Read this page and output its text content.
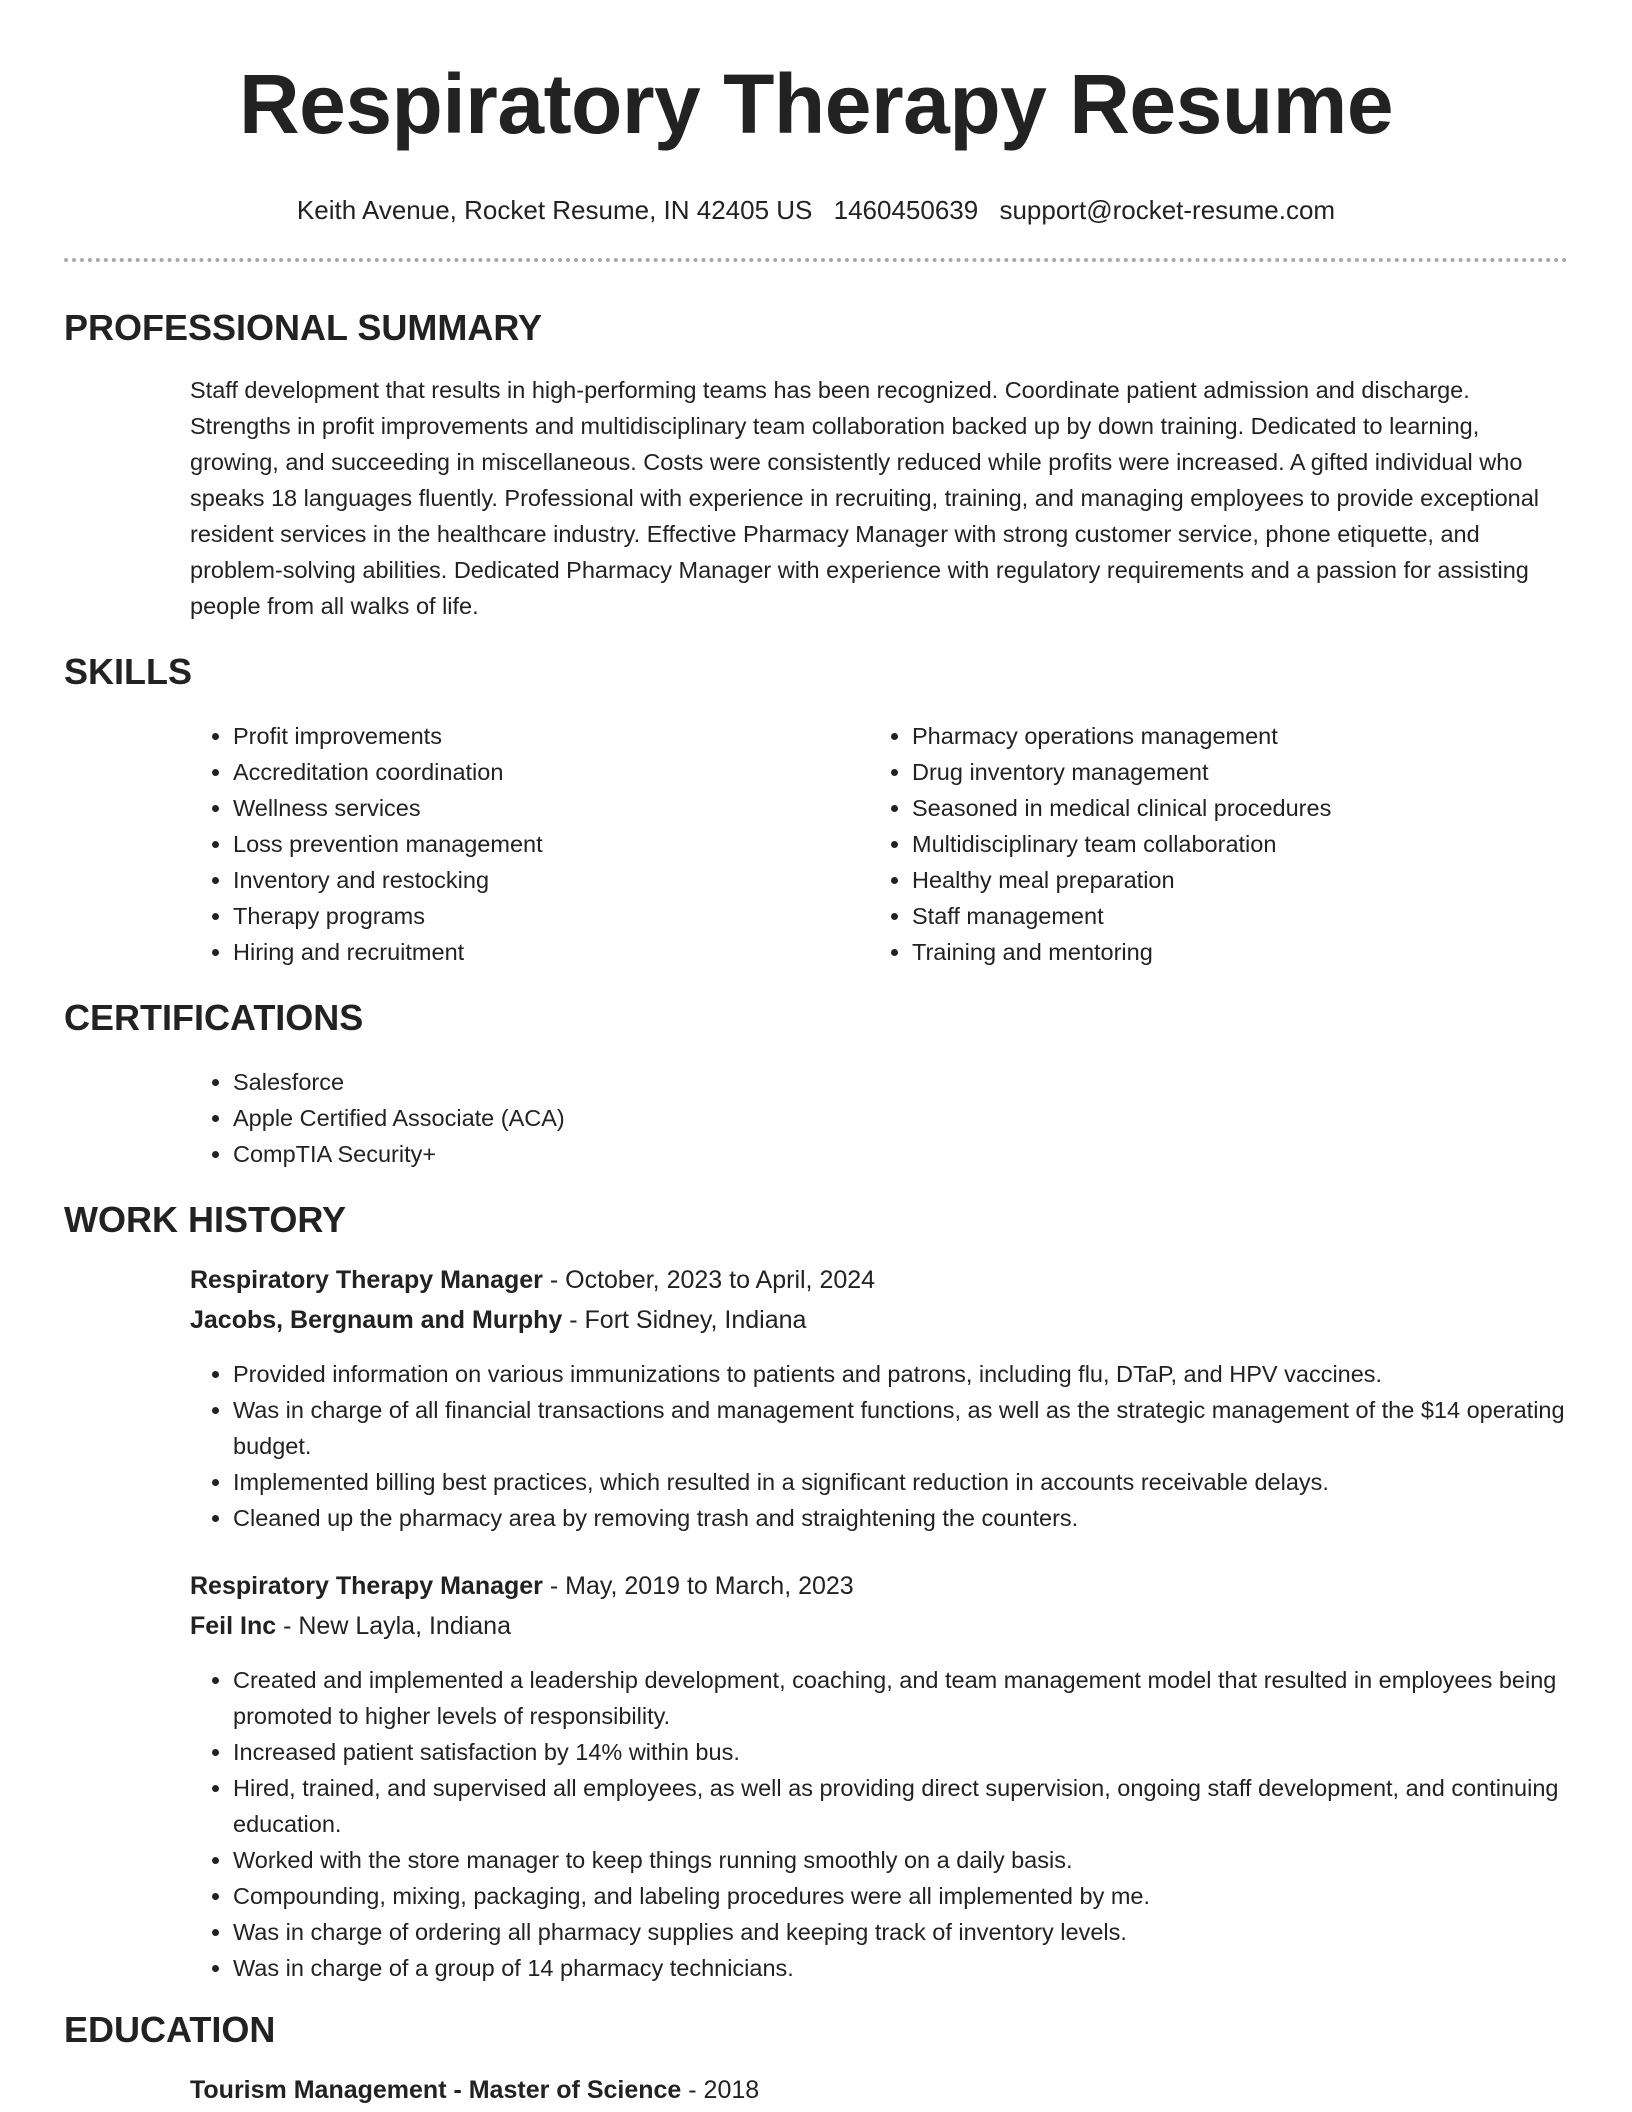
Respiratory Therapy Resume
Keith Avenue, Rocket Resume, IN 42405 US 1460450639 support@rocket-resume.com
PROFESSIONAL SUMMARY

Staff development that results in high-performing teams has been recognized. Coordinate patient admission and discharge. Strengths in profit improvements and multidisciplinary team collaboration backed up by down training. Dedicated to learning, growing, and succeeding in miscellaneous. Costs were consistently reduced while profits were increased. A gifted individual who speaks 18 languages fluently. Professional with experience in recruiting, training, and managing employees to provide exceptional resident services in the healthcare industry. Effective Pharmacy Manager with strong customer service, phone etiquette, and problem-solving abilities. Dedicated Pharmacy Manager with experience with regulatory requirements and a passion for assisting people from all walks of life.

SKILLS
• Profit improvements
• Accreditation coordination
• Wellness services
• Loss prevention management
• Inventory and restocking
• Therapy programs
• Hiring and recruitment
• Pharmacy operations management
• Drug inventory management
• Seasoned in medical clinical procedures
• Multidisciplinary team collaboration
• Healthy meal preparation
• Staff management
• Training and mentoring
CERTIFICATIONS
• Salesforce
• Apple Certified Associate (ACA)
• CompTIA Security+
WORK HISTORY
Respiratory Therapy Manager - October, 2023 to April, 2024
Jacobs, Bergnaum and Murphy - Fort Sidney, Indiana
• Provided information on various immunizations to patients and patrons, including flu, DTaP, and HPV vaccines.
• Was in charge of all financial transactions and management functions, as well as the strategic management of the $14 operating budget.
• Implemented billing best practices, which resulted in a significant reduction in accounts receivable delays.
• Cleaned up the pharmacy area by removing trash and straightening the counters.
Respiratory Therapy Manager - May, 2019 to March, 2023
Feil Inc - New Layla, Indiana
• Created and implemented a leadership development, coaching, and team management model that resulted in employees being promoted to higher levels of responsibility.
• Increased patient satisfaction by 14% within bus.
• Hired, trained, and supervised all employees, as well as providing direct supervision, ongoing staff development, and continuing education.
• Worked with the store manager to keep things running smoothly on a daily basis.
• Compounding, mixing, packaging, and labeling procedures were all implemented by me.
• Was in charge of ordering all pharmacy supplies and keeping track of inventory levels.
• Was in charge of a group of 14 pharmacy technicians.
EDUCATION
Tourism Management - Master of Science - 2018
